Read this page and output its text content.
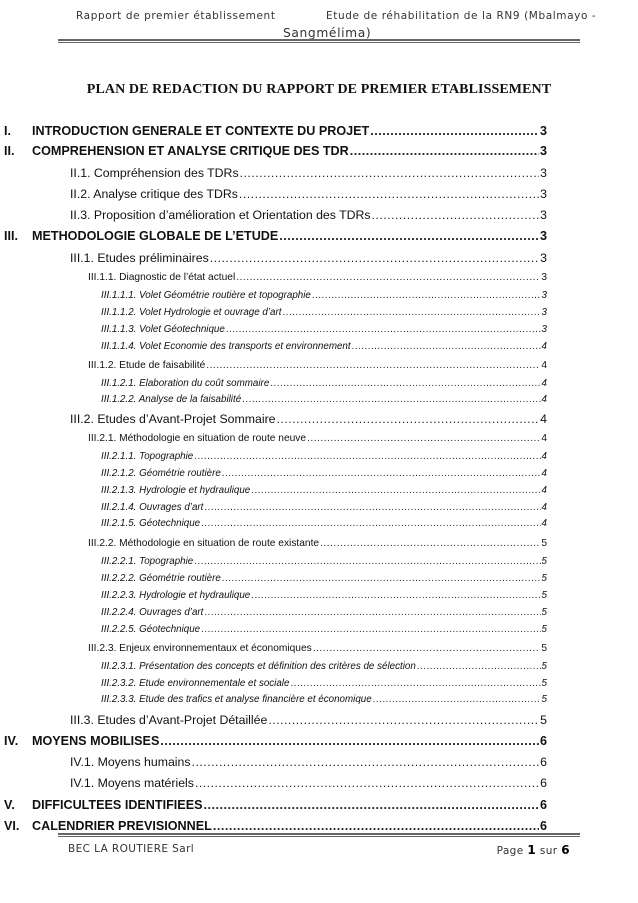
Rapport de premier établissement	Etude de réhabilitation de la RN9 (Mbalmayo -
Sangmélima)
PLAN DE REDACTION DU RAPPORT DE PREMIER ETABLISSEMENT
I. INTRODUCTION GENERALE ET CONTEXTE DU PROJET .....	3
II. COMPREHENSION ET ANALYSE CRITIQUE DES TDR .....	3
II.1. Compréhension des TDRs .....	3
II.2. Analyse critique des TDRs .....	3
II.3. Proposition d’amélioration et Orientation des TDRs .....	3
III. METHODOLOGIE GLOBALE DE L’ETUDE .....	3
III.1. Etudes préliminaires .....	3
III.1.1. Diagnostic de l’état actuel .....	3
III.1.1.1. Volet Géométrie routière et topographie .....	3
III.1.1.2. Volet Hydrologie et ouvrage d’art .....	3
III.1.1.3. Volet Géotechnique .....	3
III.1.1.4. Volet Economie des transports et environnement .....	4
III.1.2. Etude de faisabilité .....	4
III.1.2.1. Elaboration du coût sommaire .....	4
III.1.2.2. Analyse de la faisabilité .....	4
III.2. Etudes d’Avant-Projet Sommaire .....	4
III.2.1. Méthodologie en situation de route neuve .....	4
III.2.1.1. Topographie .....	4
III.2.1.2. Géométrie routière .....	4
III.2.1.3. Hydrologie et hydraulique .....	4
III.2.1.4. Ouvrages d’art .....	4
III.2.1.5. Géotechnique .....	4
III.2.2. Méthodologie en situation de route existante .....	5
III.2.2.1. Topographie .....	5
III.2.2.2. Géométrie routière .....	5
III.2.2.3. Hydrologie et hydraulique .....	5
III.2.2.4. Ouvrages d’art .....	5
III.2.2.5. Géotechnique .....	5
III.2.3. Enjeux environnementaux et économiques .....	5
III.2.3.1. Présentation des concepts et définition des critères de sélection .....	5
III.2.3.2. Etude environnementale et sociale .....	5
III.2.3.3. Etude des trafics et analyse financière et économique .....	5
III.3. Etudes d’Avant-Projet Détaillée .....	5
IV. MOYENS MOBILISES .....	6
IV.1. Moyens humains .....	6
IV.1. Moyens matériels .....	6
V. DIFFICULTEES IDENTIFIEES .....	6
VI. CALENDRIER PREVISIONNEL .....	6
BEC LA ROUTIERE Sarl	Page 1 sur 6
